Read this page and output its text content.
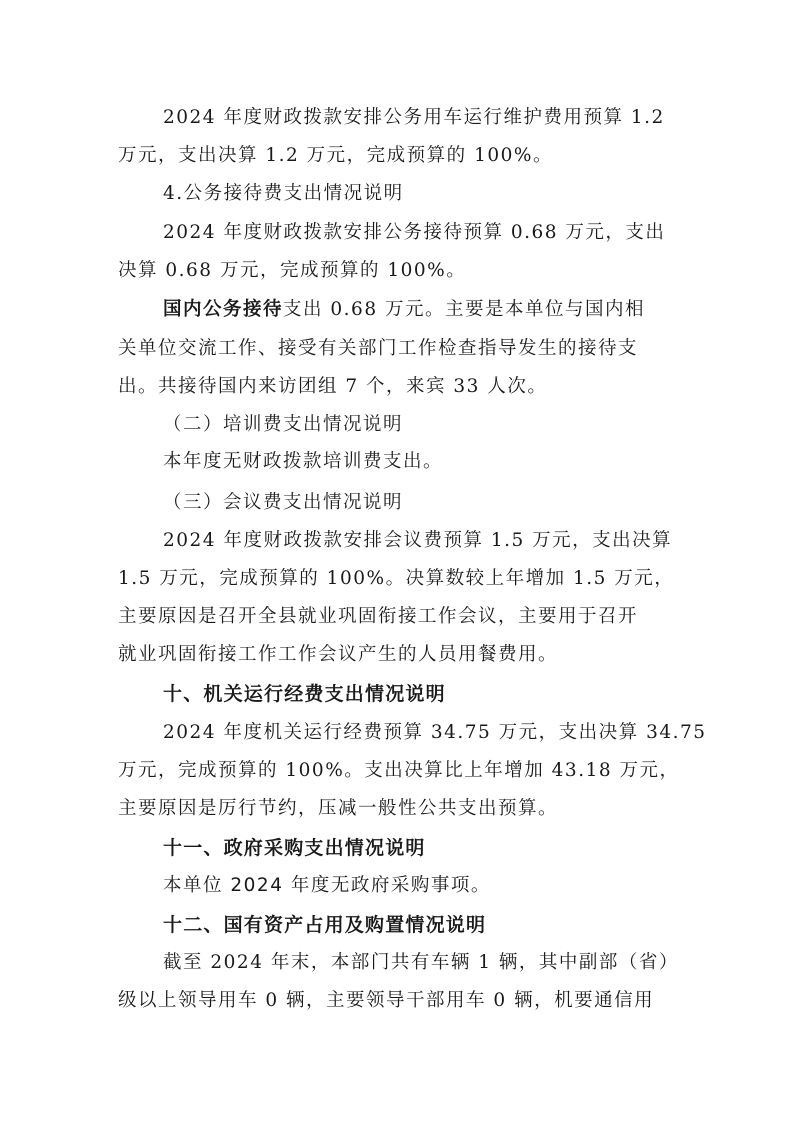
2024 年度财政拨款安排公务用车运行维护费用预算 1.2
万元，支出决算 1.2 万元，完成预算的 100%。
4.公务接待费支出情况说明
2024 年度财政拨款安排公务接待预算 0.68 万元，支出
决算 0.68 万元，完成预算的 100%。
国内公务接待支出 0.68 万元。主要是本单位与国内相
关单位交流工作、接受有关部门工作检查指导发生的接待支
出。共接待国内来访团组 7 个，来宾 33 人次。
（二）培训费支出情况说明
本年度无财政拨款培训费支出。
（三）会议费支出情况说明
2024 年度财政拨款安排会议费预算 1.5 万元，支出决算
1.5 万元，完成预算的 100%。决算数较上年增加 1.5 万元，
主要原因是召开全县就业巩固衔接工作会议，主要用于召开
就业巩固衔接工作工作会议产生的人员用餐费用。
十、机关运行经费支出情况说明
2024 年度机关运行经费预算 34.75 万元，支出决算 34.75
万元，完成预算的 100%。支出决算比上年增加 43.18 万元，
主要原因是厉行节约，压减一般性公共支出预算。
十一、政府采购支出情况说明
本单位 2024 年度无政府采购事项。
十二、国有资产占用及购置情况说明
截至 2024 年末，本部门共有车辆 1 辆，其中副部（省）
级以上领导用车 0 辆，主要领导干部用车 0 辆，机要通信用
